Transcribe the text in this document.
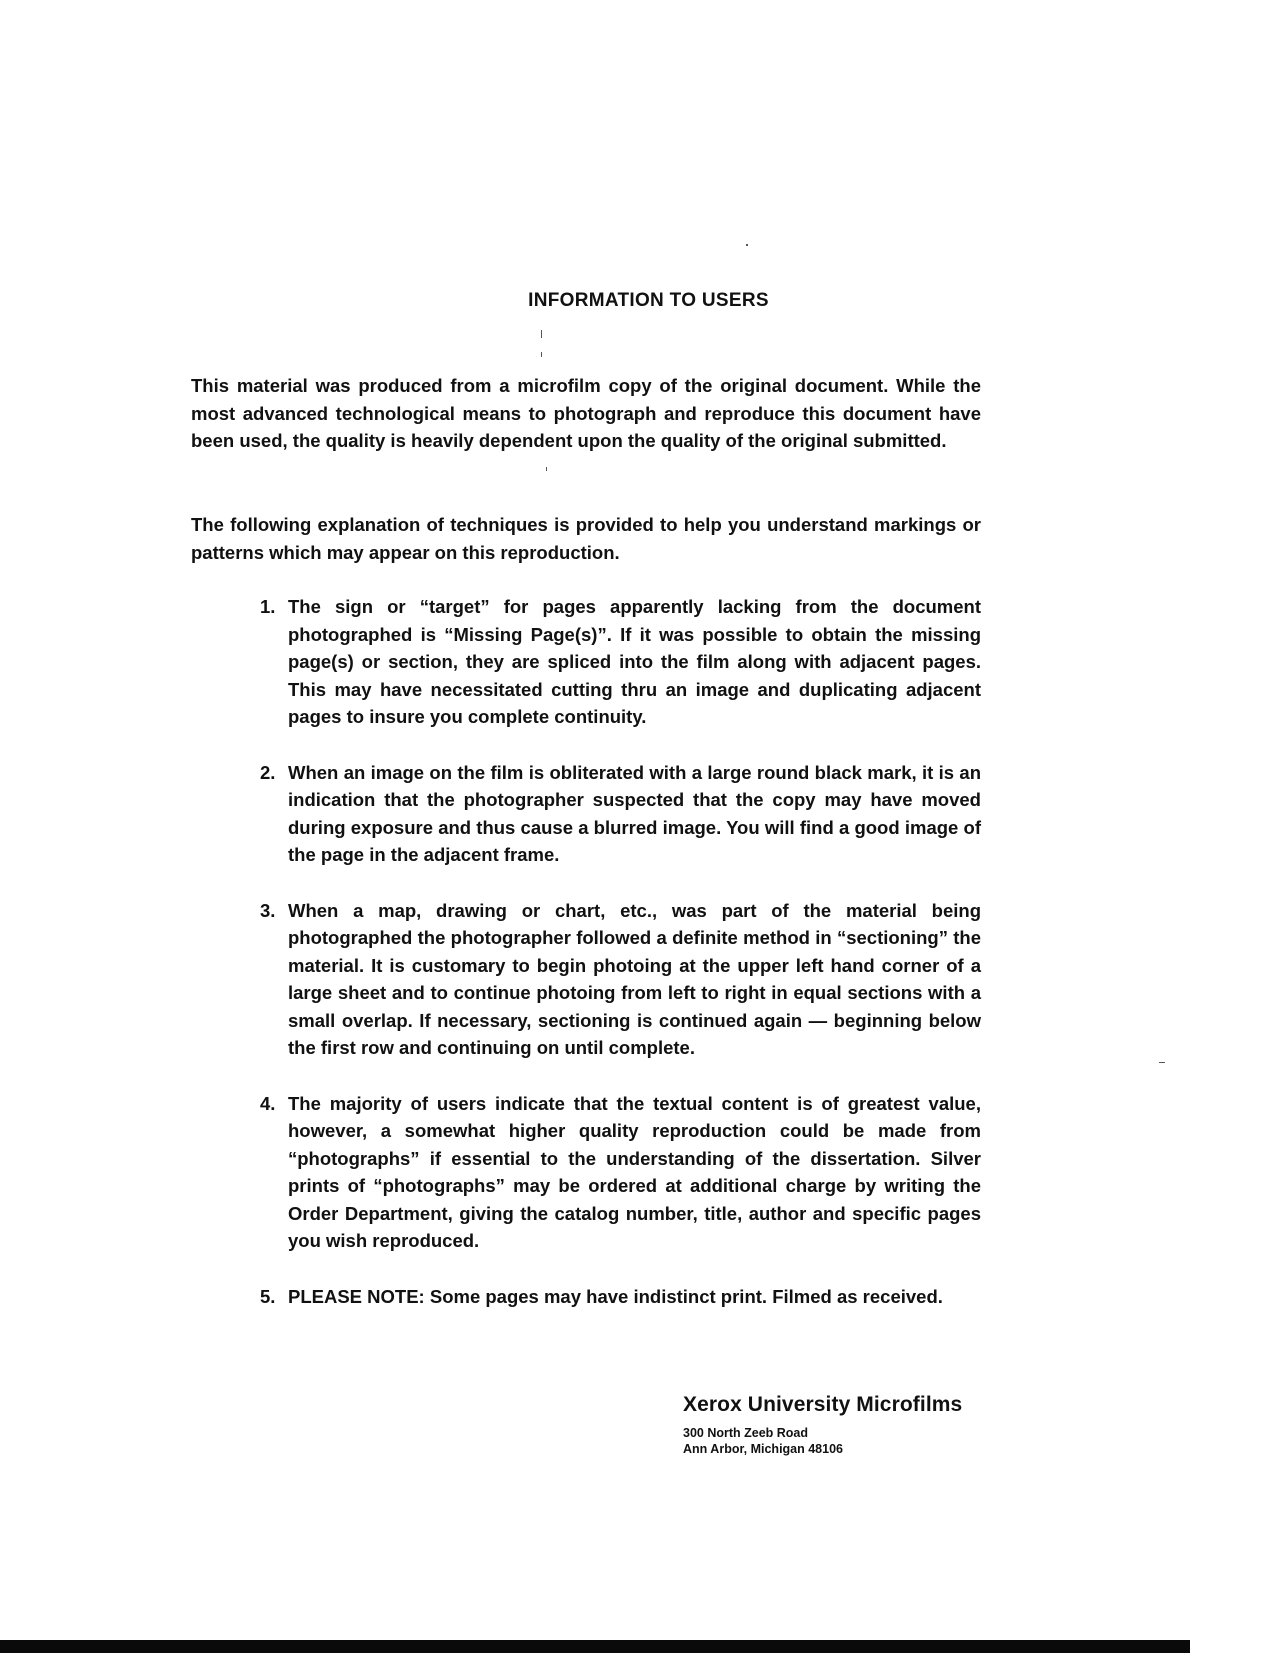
INFORMATION TO USERS

This material was produced from a microfilm copy of the original document. While the most advanced technological means to photograph and reproduce this document have been used, the quality is heavily dependent upon the quality of the original submitted.

The following explanation of techniques is provided to help you understand markings or patterns which may appear on this reproduction.

1. The sign or “target” for pages apparently lacking from the document photographed is “Missing Page(s)”. If it was possible to obtain the missing page(s) or section, they are spliced into the film along with adjacent pages. This may have necessitated cutting thru an image and duplicating adjacent pages to insure you complete continuity.
2. When an image on the film is obliterated with a large round black mark, it is an indication that the photographer suspected that the copy may have moved during exposure and thus cause a blurred image. You will find a good image of the page in the adjacent frame.
3. When a map, drawing or chart, etc., was part of the material being photographed the photographer followed a definite method in “sectioning” the material. It is customary to begin photoing at the upper left hand corner of a large sheet and to continue photoing from left to right in equal sections with a small overlap. If necessary, sectioning is continued again — beginning below the first row and continuing on until complete.
4. The majority of users indicate that the textual content is of greatest value, however, a somewhat higher quality reproduction could be made from “photographs” if essential to the understanding of the dissertation. Silver prints of “photographs” may be ordered at additional charge by writing the Order Department, giving the catalog number, title, author and specific pages you wish reproduced.
5. PLEASE NOTE: Some pages may have indistinct print. Filmed as received.
Xerox University Microfilms
300 North Zeeb Road
Ann Arbor, Michigan 48106
